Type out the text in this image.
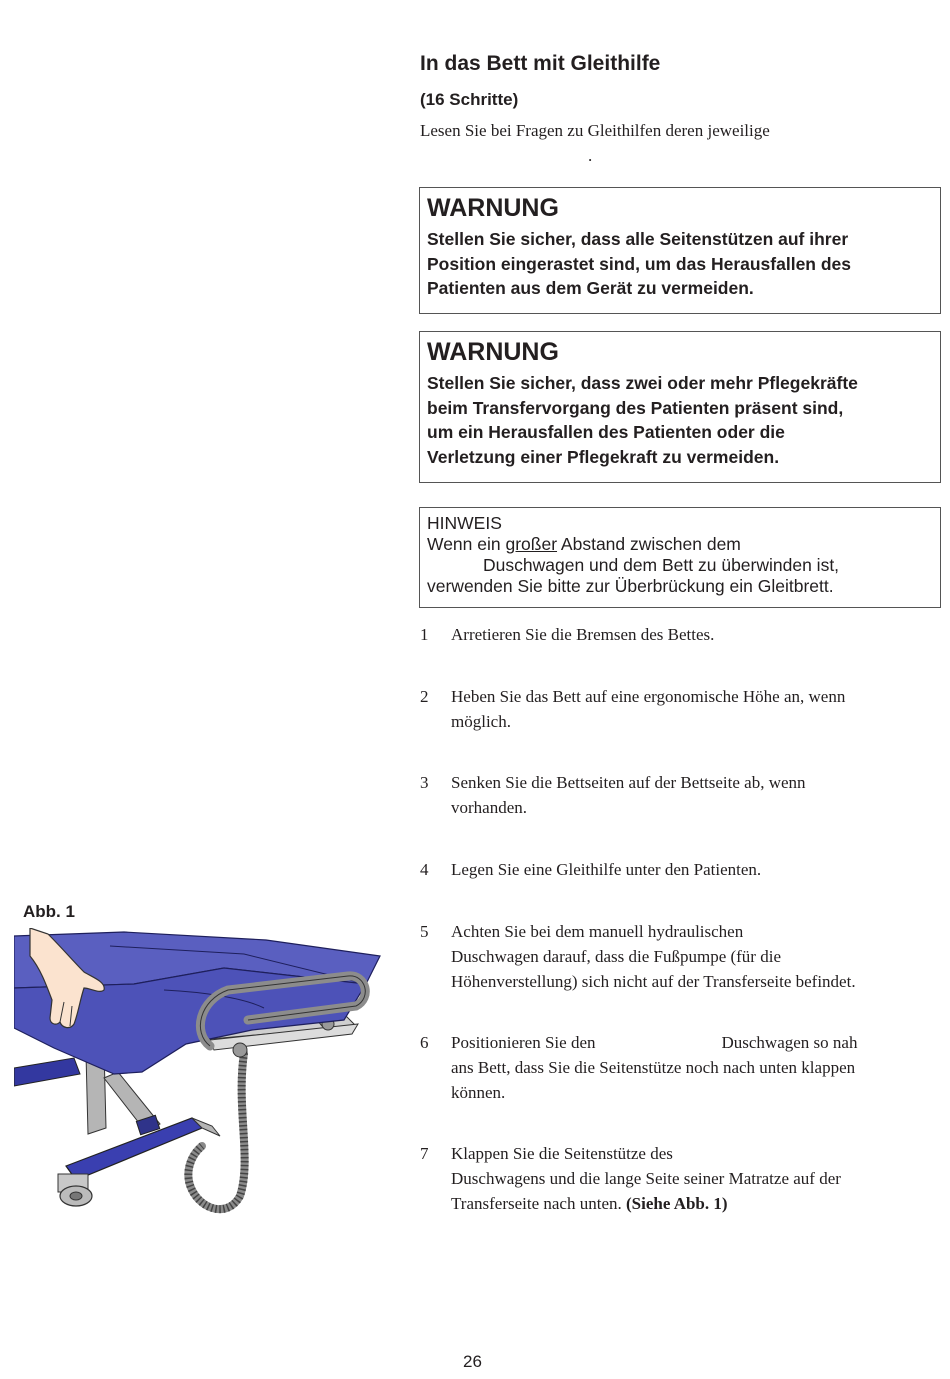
In das Bett mit Gleithilfe
(16 Schritte)
Lesen Sie bei Fragen zu Gleithilfen deren jeweilige
.
WARNUNG
Stellen Sie sicher, dass alle Seitenstützen auf ihrer
Position eingerastet sind, um das Herausfallen des
Patienten aus dem Gerät zu vermeiden.
WARNUNG
Stellen Sie sicher, dass zwei oder mehr Pflegekräfte
beim Transfervorgang des Patienten präsent sind,
um ein Herausfallen des Patienten oder die
Verletzung einer Pflegekraft zu vermeiden.
HINWEIS
Wenn ein großer Abstand zwischen dem
Duschwagen und dem Bett zu überwinden ist,
verwenden Sie bitte zur Überbrückung ein Gleitbrett.
1 Arretieren Sie die Bremsen des Bettes.
2 Heben Sie das Bett auf eine ergonomische Höhe an, wenn
möglich.
3 Senken Sie die Bettseiten auf der Bettseite ab, wenn
vorhanden.
4 Legen Sie eine Gleithilfe unter den Patienten.
5 Achten Sie bei dem manuell hydraulischen
Duschwagen darauf, dass die Fußpumpe (für die
Höhenverstellung) sich nicht auf der Transferseite befindet.
6 Positionieren Sie den	Duschwagen so nah
ans Bett, dass Sie die Seitenstütze noch nach unten klappen
können.
7 Klappen Sie die Seitenstütze des
Duschwagens und die lange Seite seiner Matratze auf der
Transferseite nach unten. (Siehe Abb. 1)
Abb. 1
26
